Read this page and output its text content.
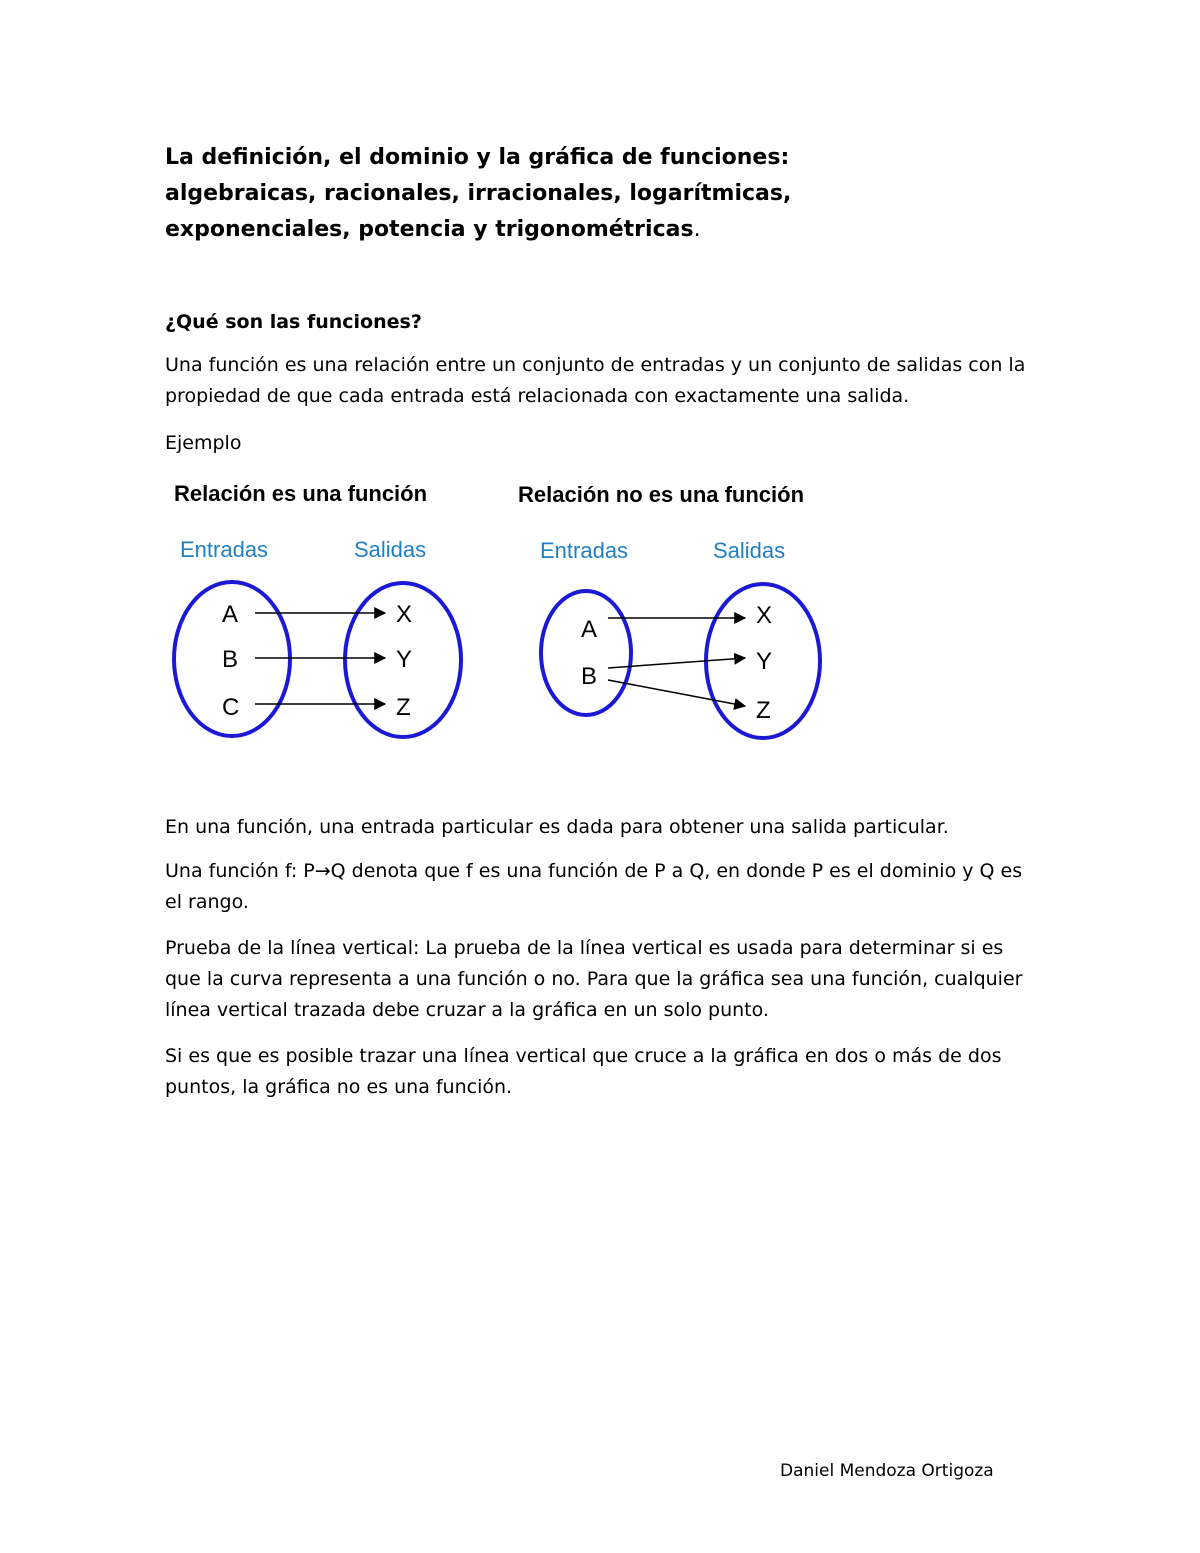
La definición, el dominio y la gráfica de funciones:
algebraicas, racionales, irracionales, logarítmicas,
exponenciales, potencia y trigonométricas.
¿Qué son las funciones?

Una función es una relación entre un conjunto de entradas y un conjunto de salidas con la propiedad de que cada entrada está relacionada con exactamente una salida.

Ejemplo

Relación es una función
Entradas	Salidas
A
B
C
X
Y
Z
Relación no es una función
Entradas	Salidas
A
B
X
Y
Z

En una función, una entrada particular es dada para obtener una salida particular.

Una función f: P→Q denota que f es una función de P a Q, en donde P es el dominio y Q es el rango.

Prueba de la línea vertical: La prueba de la línea vertical es usada para determinar si es que la curva representa a una función o no. Para que la gráfica sea una función, cualquier línea vertical trazada debe cruzar a la gráfica en un solo punto.

Si es que es posible trazar una línea vertical que cruce a la gráfica en dos o más de dos puntos, la gráfica no es una función.

Daniel Mendoza Ortigoza
